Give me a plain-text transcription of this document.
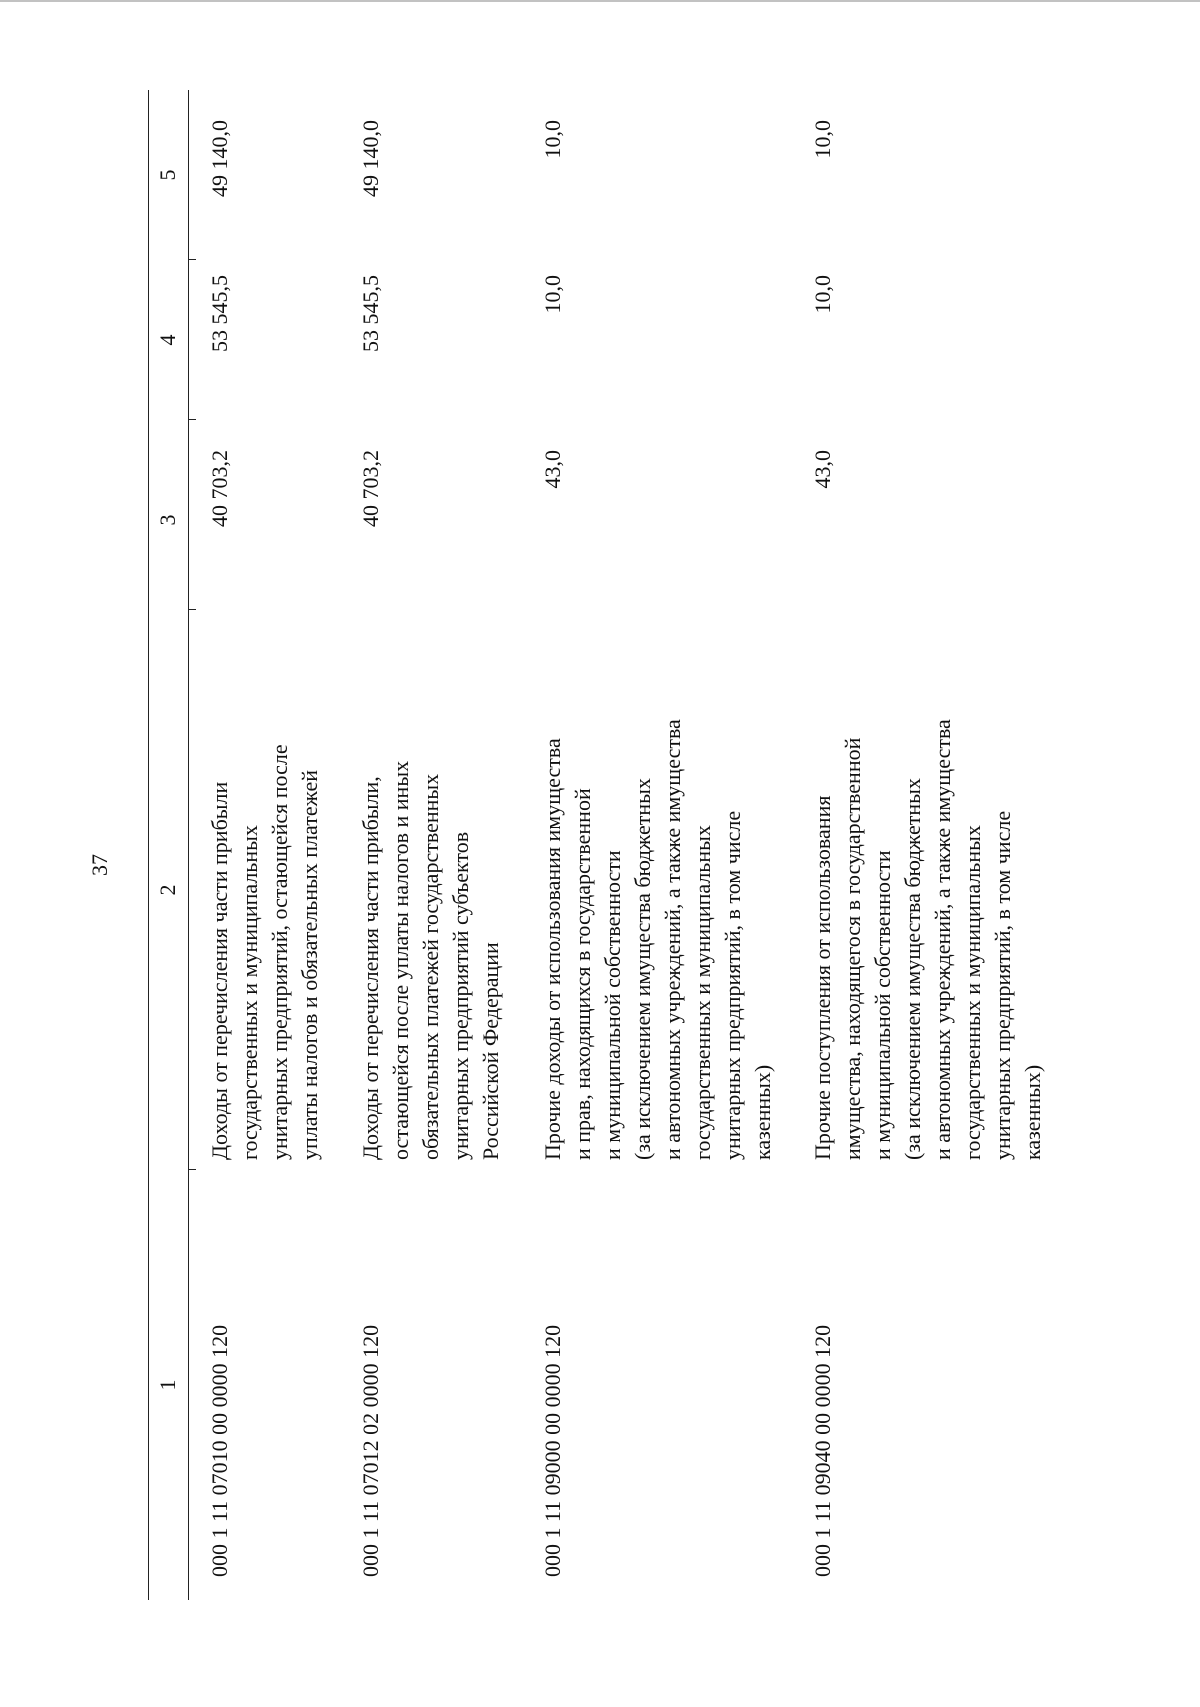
37
1
2
3
4
5
000 1 11 07010 00 0000 120
Доходы от перечисления части прибыли государственных и муниципальных унитарных предприятий, остающейся после уплаты налогов и обязательных платежей
40 703,2
53 545,5
49 140,0
000 1 11 07012 02 0000 120
Доходы от перечисления части прибыли, остающейся после уплаты налогов и иных обязательных платежей государственных унитарных предприятий субъектов Российской Федерации
40 703,2
53 545,5
49 140,0
000 1 11 09000 00 0000 120
Прочие доходы от использования имущества и прав, находящихся в государственной и муниципальной собственности (за исключением имущества бюджетных и автономных учреждений, а также имущества государственных и муниципальных унитарных предприятий, в том числе казенных)
43,0
10,0
10,0
000 1 11 09040 00 0000 120
Прочие поступления от использования имущества, находящегося в государственной и муниципальной собственности (за исключением имущества бюджетных и автономных учреждений, а также имущества государственных и муниципальных унитарных предприятий, в том числе казенных)
43,0
10,0
10,0
